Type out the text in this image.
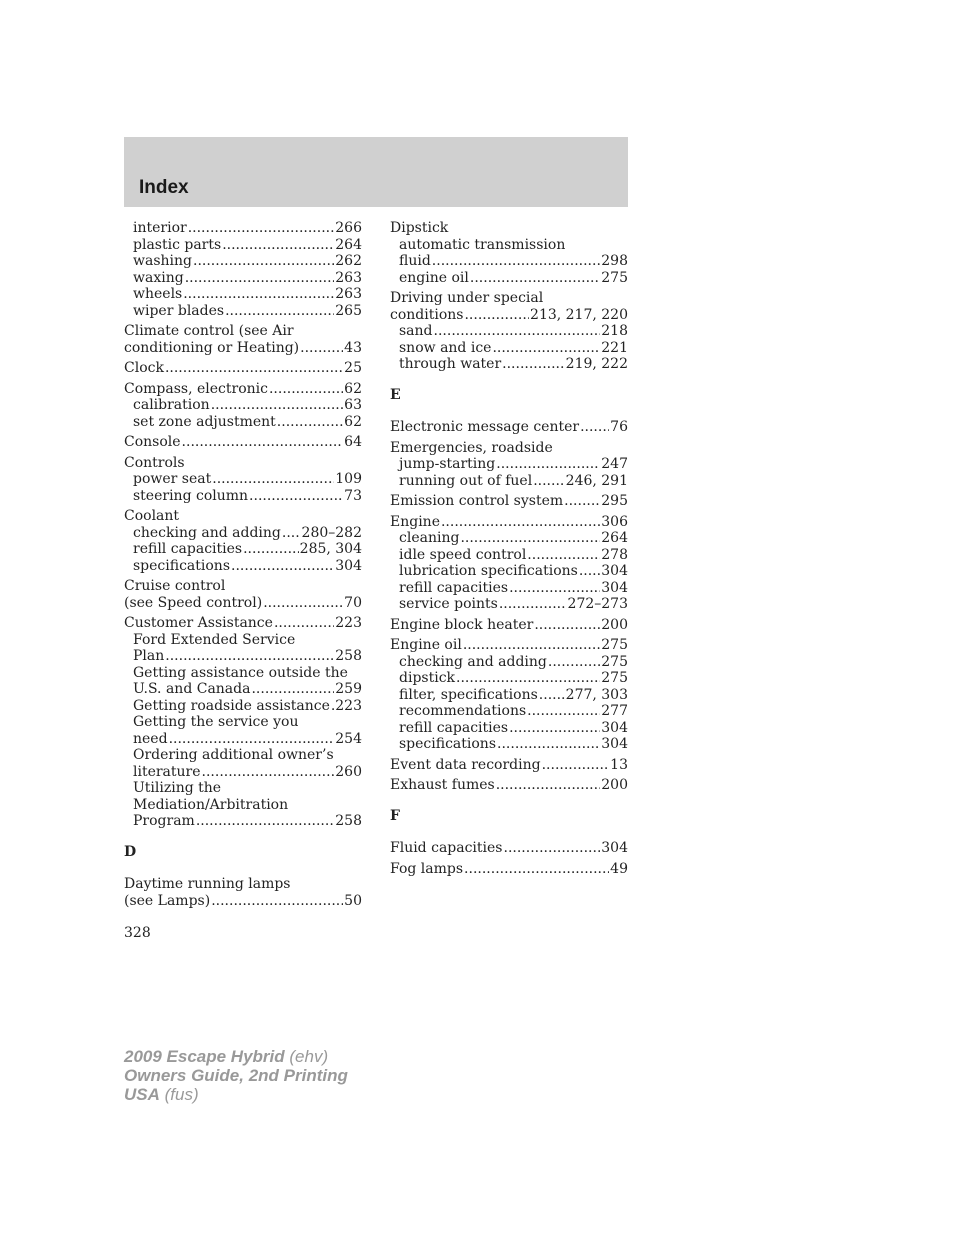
Index
interior .....	266
plastic parts .....	264
washing .....	262
waxing .....	263
wheels .....	263
wiper blades .....	265
Climate control (see Air
conditioning or Heating) .....	43
Clock .....	25
Compass, electronic .....	62
calibration .....	63
set zone adjustment .....	62
Console .....	64
Controls
power seat .....	109
steering column .....	73
Coolant
checking and adding ..... 280–282
refill capacities .....	285, 304
specifications .....	304
Cruise control
(see Speed control) .....	70
Customer Assistance .....	223
Ford Extended Service
Plan .....	258
Getting assistance outside the
U.S. and Canada .....	259
Getting roadside assistance ..... 223
Getting the service you
need .....	254
Ordering additional owner’s
literature .....	260
Utilizing the
Mediation/Arbitration
Program .....	258
D
Daytime running lamps
(see Lamps) .....	50
Dipstick
automatic transmission
fluid .....	298
engine oil .....	275
Driving under special
conditions .....	213, 217, 220
sand .....	218
snow and ice .....	221
through water .....	219, 222
E
Electronic message center ..... 76
Emergencies, roadside
jump-starting .....	247
running out of fuel ..... 246, 291
Emission control system .....	295
Engine .....	306
cleaning .....	264
idle speed control .....	278
lubrication specifications ..... 304
refill capacities .....	304
service points .....	272–273
Engine block heater .....	200
Engine oil .....	275
checking and adding .....	275
dipstick .....	275
filter, specifications ..... 277, 303
recommendations .....	277
refill capacities .....	304
specifications .....	304
Event data recording .....	13
Exhaust fumes .....	200
F
Fluid capacities .....	304
Fog lamps .....	49
328
2009 Escape Hybrid (ehv)
Owners Guide, 2nd Printing
USA (fus)
